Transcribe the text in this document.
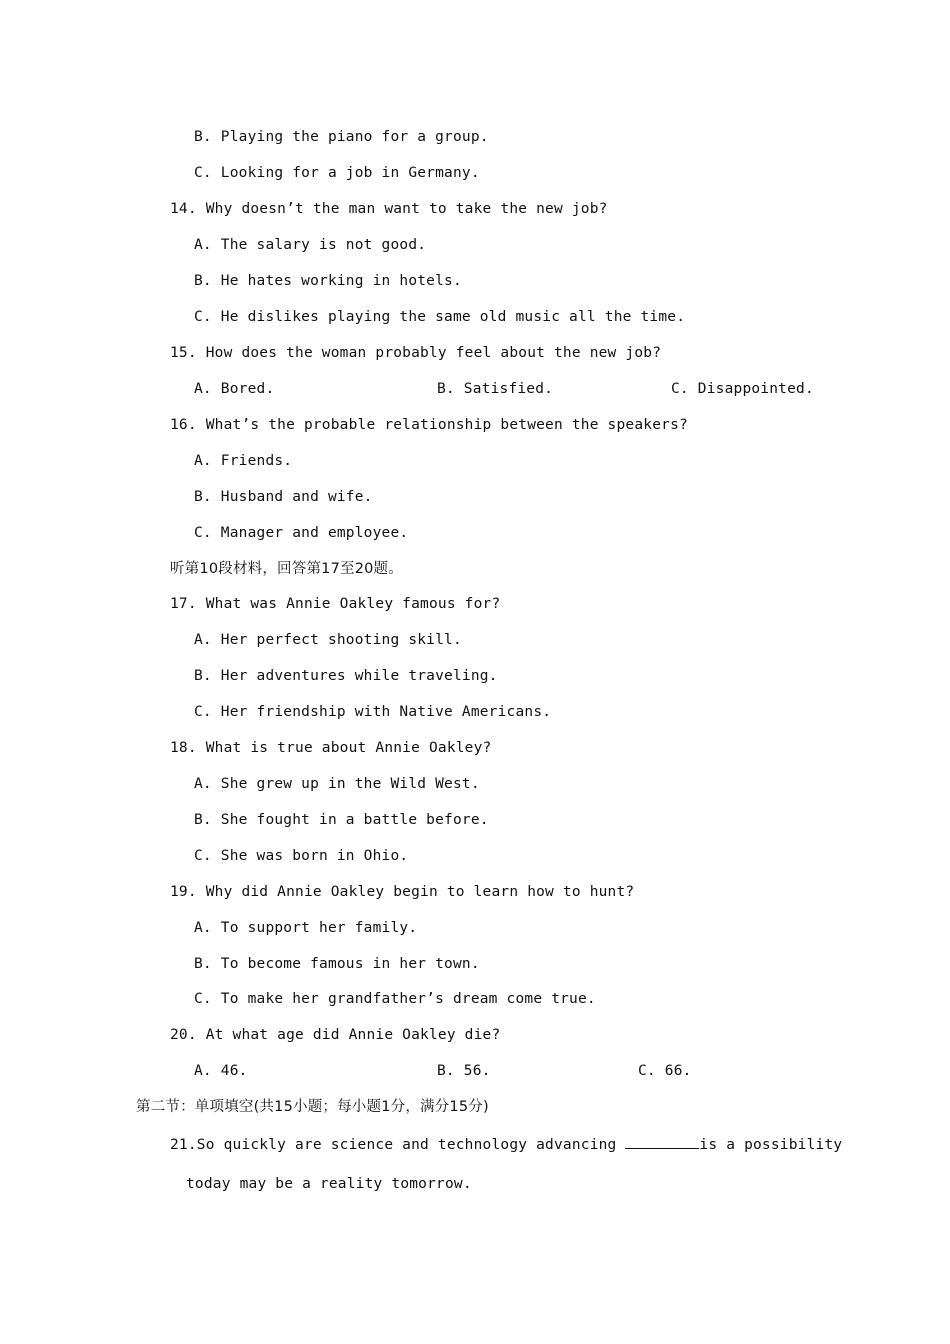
B. Playing the piano for a group.
C. Looking for a job in Germany.
14. Why doesn’t the man want to take the new job?
A. The salary is not good.
B. He hates working in hotels.
C. He dislikes playing the same old music all the time.
15. How does the woman probably feel about the new job?
A. Bored.	B. Satisfied.	C. Disappointed.
16. What’s the probable relationship between the speakers?
A. Friends.
B. Husband and wife.
C. Manager and employee.
听第10段材料，回答第17至20题。
17. What was Annie Oakley famous for?
A. Her perfect shooting skill.
B. Her adventures while traveling.
C. Her friendship with Native Americans.
18. What is true about Annie Oakley?
A. She grew up in the Wild West.
B. She fought in a battle before.
C. She was born in Ohio.
19. Why did Annie Oakley begin to learn how to hunt?
A. To support her family.
B. To become famous in her town.
C. To make her grandfather’s dream come true.
20. At what age did Annie Oakley die?
A. 46.	B. 56.	C. 66.
第二节：单项填空(共15小题；每小题1分，满分15分)
21.So quickly are science and technology advancing	is a possibility
today may be a reality tomorrow.
